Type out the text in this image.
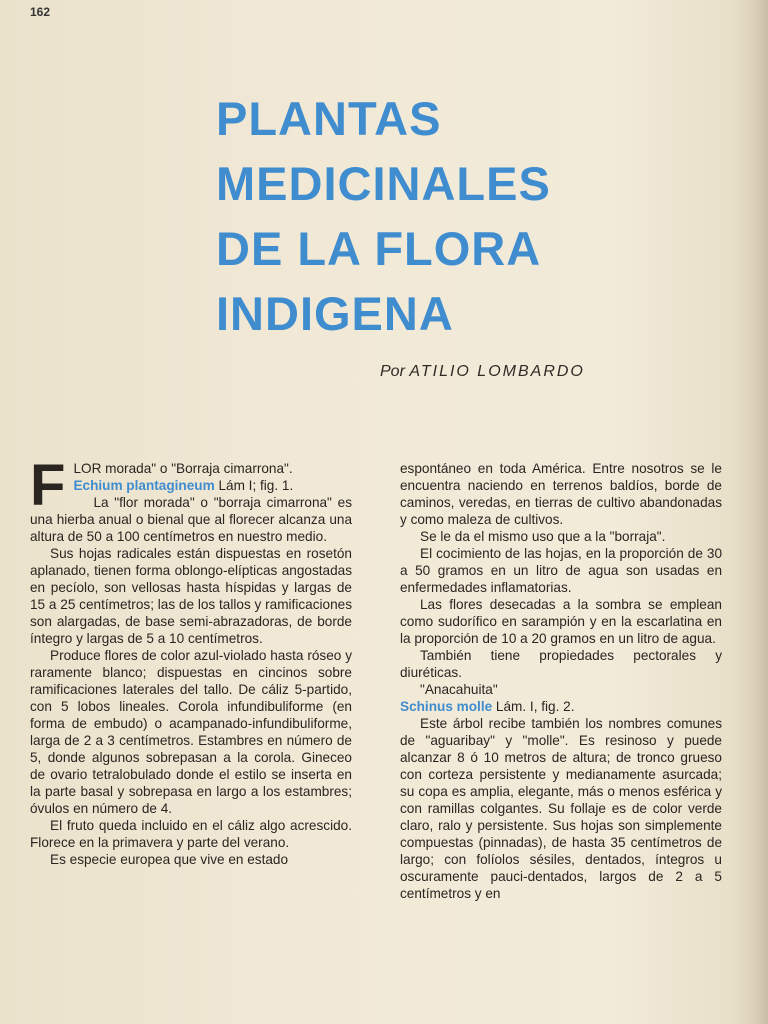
162
PLANTAS
MEDICINALES
DE LA FLORA
INDIGENA
Por ATILIO LOMBARDO

F LOR morada" o "Borraja cimarrona".
Echium plantagineum Lám I; fig. 1.

La "flor morada" o "borraja cimarrona" es una hierba anual o bienal que al florecer alcanza una altura de 50 a 100 centímetros en nuestro medio.

Sus hojas radicales están dispuestas en rosetón aplanado, tienen forma oblongo-elípticas angostadas en pecíolo, son vellosas hasta híspidas y largas de 15 a 25 centímetros; las de los tallos y ramificaciones son alargadas, de base semi-abrazadoras, de borde íntegro y largas de 5 a 10 centímetros.

Produce flores de color azul-violado hasta róseo y raramente blanco; dispuestas en cincinos sobre ramificaciones laterales del tallo. De cáliz 5-partido, con 5 lobos lineales. Corola infundibuliforme (en forma de embudo) o acampanado-infundibuliforme, larga de 2 a 3 centímetros. Estambres en número de 5, donde algunos sobrepasan a la corola. Gineceo de ovario tetralobulado donde el estilo se inserta en la parte basal y sobrepasa en largo a los estambres; óvulos en número de 4.

El fruto queda incluido en el cáliz algo acrescido. Florece en la primavera y parte del verano.

Es especie europea que vive en estado

espontáneo en toda América. Entre nosotros se le encuentra naciendo en terrenos baldíos, borde de caminos, veredas, en tierras de cultivo abandonadas y como maleza de cultivos.

Se le da el mismo uso que a la "borraja".

El cocimiento de las hojas, en la proporción de 30 a 50 gramos en un litro de agua son usadas en enfermedades inflamatorias.

Las flores desecadas a la sombra se emplean como sudorífico en sarampión y en la escarlatina en la proporción de 10 a 20 gramos en un litro de agua.

También tiene propiedades pectorales y diuréticas.

"Anacahuita"

Schinus molle Lám. I, fig. 2.

Este árbol recibe también los nombres comunes de "aguaribay" y "molle". Es resinoso y puede alcanzar 8 ó 10 metros de altura; de tronco grueso con corteza persistente y medianamente asurcada; su copa es amplia, elegante, más o menos esférica y con ramillas colgantes. Su follaje es de color verde claro, ralo y persistente. Sus hojas son simplemente compuestas (pinnadas), de hasta 35 centímetros de largo; con folíolos sésiles, dentados, íntegros u oscuramente pauci-dentados, largos de 2 a 5 centímetros y en
